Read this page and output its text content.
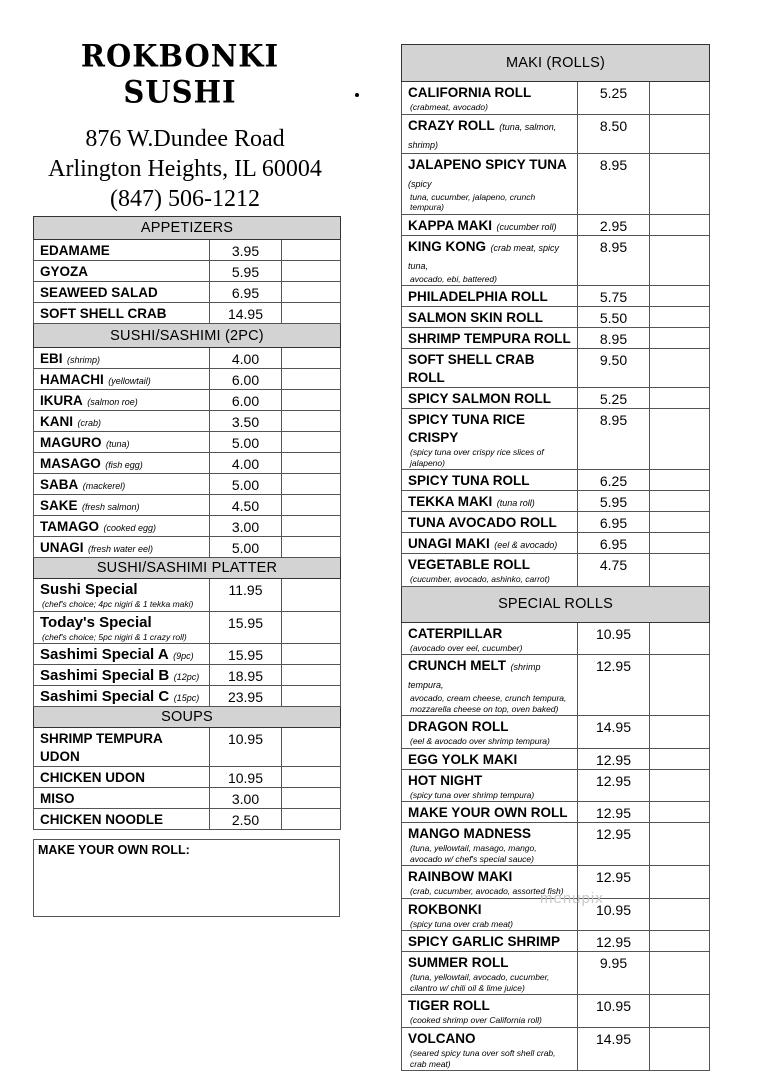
ROKBONKI SUSHI
876 W.Dundee Road
Arlington Heights, IL 60004
(847) 506-1212
APPETIZERS		
EDAMAME	3.95	
GYOZA	5.95	
SEAWEED SALAD	6.95	
SOFT SHELL CRAB	14.95	
SUSHI/SASHIMI (2PC)		
EBI (shrimp)	4.00	
HAMACHI (yellowtail)	6.00	
IKURA (salmon roe)	6.00	
KANI (crab)	3.50	
MAGURO (tuna)	5.00	
MASAGO (fish egg)	4.00	
SABA (mackerel)	5.00	
SAKE (fresh salmon)	4.50	
TAMAGO (cooked egg)	3.00	
UNAGI (fresh water eel)	5.00	
SUSHI/SASHIMI PLATTER		
Sushi Special
(chef's choice; 4pc nigiri & 1 tekka maki)	11.95	
Today's Special
(chef's choice; 5pc nigiri & 1 crazy roll)	15.95	
Sashimi Special A (9pc)	15.95	
Sashimi Special B (12pc)	18.95	
Sashimi Special C (15pc)	23.95	
SOUPS		
SHRIMP TEMPURA UDON	10.95	
CHICKEN UDON	10.95	
MISO	3.00	
CHICKEN NOODLE	2.50	
MAKE YOUR OWN ROLL:
MAKI (ROLLS)		
CALIFORNIA ROLL
(crabmeat, avocado)	5.25	
CRAZY ROLL (tuna, salmon, shrimp)	8.50	
JALAPENO SPICY TUNA (spicy
tuna, cucumber, jalapeno, crunch tempura)	8.95	
KAPPA MAKI (cucumber roll)	2.95	
KING KONG (crab meat, spicy tuna,
avocado, ebi, battered)	8.95	
PHILADELPHIA ROLL	5.75	
SALMON SKIN ROLL	5.50	
SHRIMP TEMPURA ROLL	8.95	
SOFT SHELL CRAB ROLL	9.50	
SPICY SALMON ROLL	5.25	
SPICY TUNA RICE CRISPY
(spicy tuna over crispy rice slices of jalapeno)	8.95	
SPICY TUNA ROLL	6.25	
TEKKA MAKI (tuna roll)	5.95	
TUNA AVOCADO ROLL	6.95	
UNAGI MAKI (eel & avocado)	6.95	
VEGETABLE ROLL
(cucumber, avocado, ashinko, carrot)	4.75	
SPECIAL ROLLS		
CATERPILLAR
(avocado over eel, cucumber)	10.95	
CRUNCH MELT (shrimp tempura,
avocado, cream cheese, crunch tempura, mozzarella cheese on top, oven baked)	12.95	
DRAGON ROLL
(eel & avocado over shrimp tempura)	14.95	
EGG YOLK MAKI	12.95	
HOT NIGHT
(spicy tuna over shrimp tempura)	12.95	
MAKE YOUR OWN ROLL	12.95	
MANGO MADNESS
(tuna, yellowtail, masago, mango, avocado w/ chef's special sauce)	12.95	
RAINBOW MAKI
(crab, cucumber, avocado, assorted fish)	12.95	
ROKBONKI
(spicy tuna over crab meat)	10.95	
SPICY GARLIC SHRIMP	12.95	
SUMMER ROLL
(tuna, yellowtail, avocado, cucumber, cilantro w/ chili oil & lime juice)	9.95	
TIGER ROLL
(cooked shrimp over California roll)	10.95	
VOLCANO
(seared spicy tuna over soft shell crab, crab meat)	14.95	
menupix
